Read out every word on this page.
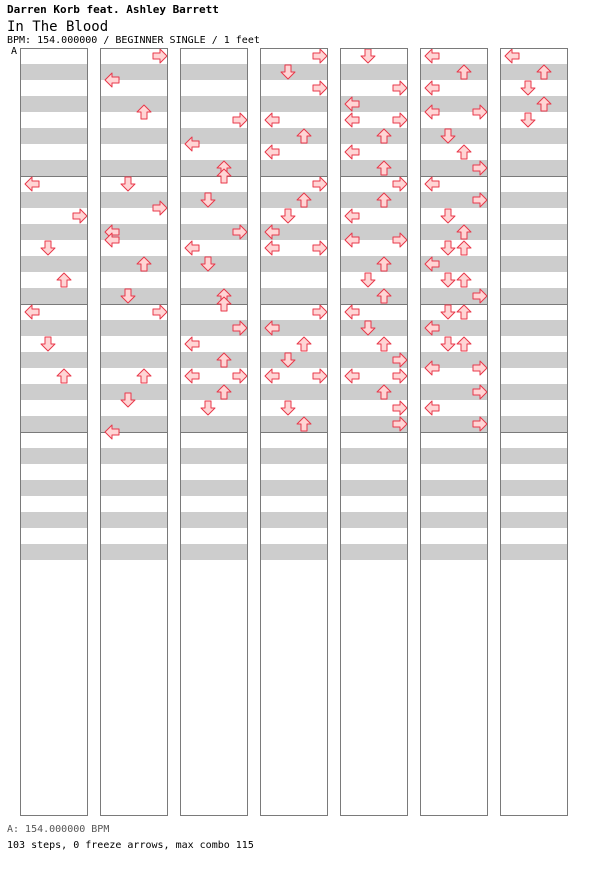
Darren Korb feat. Ashley Barrett
In The Blood
BPM: 154.000000 / BEGINNER SINGLE / 1 feet
A
A: 154.000000 BPM
103 steps, 0 freeze arrows, max combo 115
